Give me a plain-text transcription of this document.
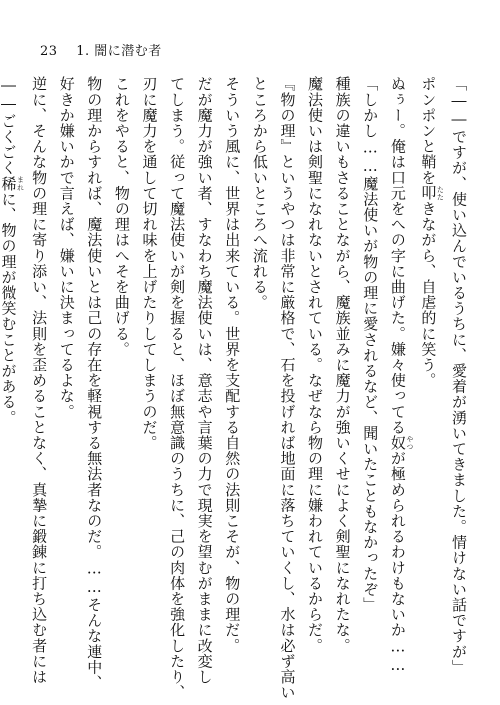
23 1. 闇に潜む者
「――ですが、使い込んでいるうちに、愛着が湧いてきました。情けない話ですが」
ポンポンと鞘を叩 たたきながら、自虐的に笑う。
ぬぅー。俺は口元をへの字に曲げた。嫌々使ってる奴 やつが極められるわけもないか……
「しかし……魔法使いが物の理に愛されるなど、聞いたこともなかったぞ」
種族の違いもさることながら、魔族並みに魔力が強いくせによく剣聖になれたな。
魔法使いは剣聖になれないとされている。なぜなら物の理に嫌われているからだ。
『物の理』というやつは非常に厳格で、石を投げれば地面に落ちていくし、水は必ず高い
ところから低いところへ流れる。
そういう風に、世界は出来ている。世界を支配する自然の法則こそが、物の理だ。
だが魔力が強い者、すなわち魔法使いは、意志や言葉の力で現実を望むがままに改変し
てしまう。従って魔法使いが剣を握ると、ほぼ無意識のうちに、己の肉体を強化したり、
刃に魔力を通して切れ味を上げたりしてしまうのだ。
これをやると、物の理はへそを曲げる。
物の理からすれば、魔法使いとは己の存在を軽視する無法者なのだ。……そんな連中、
好きか嫌いかで言えば、嫌いに決まってるよな。
逆に、そんな物の理に寄り添い、法則を歪めることなく、真摯に鍛錬に打ち込む者には
――ごくごく稀 まれに、物の理が微笑むことがある。
